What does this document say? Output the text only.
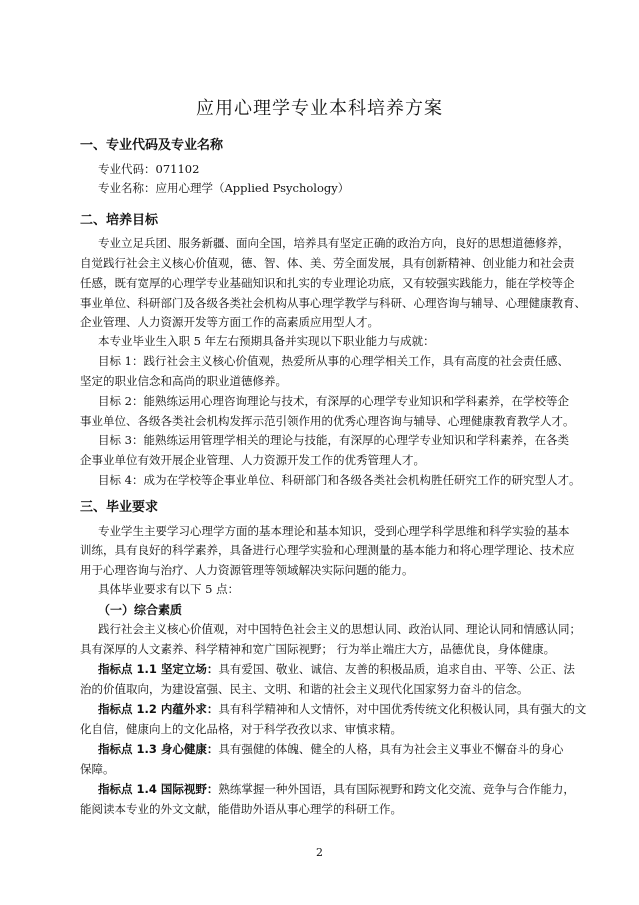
应用心理学专业本科培养方案
一、专业代码及专业名称
专业代码：071102
专业名称：应用心理学（Applied Psychology）
二、培养目标
专业立足兵团、服务新疆、面向全国，培养具有坚定正确的政治方向，良好的思想道德修养，
自觉践行社会主义核心价值观，德、智、体、美、劳全面发展，具有创新精神、创业能力和社会责
任感，既有宽厚的心理学专业基础知识和扎实的专业理论功底，又有较强实践能力，能在学校等企
事业单位、科研部门及各级各类社会机构从事心理学教学与科研、心理咨询与辅导、心理健康教育、
企业管理、人力资源开发等方面工作的高素质应用型人才。
本专业毕业生入职 5 年左右预期具备并实现以下职业能力与成就：
目标 1：践行社会主义核心价值观，热爱所从事的心理学相关工作，具有高度的社会责任感、
坚定的职业信念和高尚的职业道德修养。
目标 2：能熟练运用心理咨询理论与技术，有深厚的心理学专业知识和学科素养，在学校等企
事业单位、各级各类社会机构发挥示范引领作用的优秀心理咨询与辅导、心理健康教育教学人才。
目标 3：能熟练运用管理学相关的理论与技能，有深厚的心理学专业知识和学科素养，在各类
企事业单位有效开展企业管理、人力资源开发工作的优秀管理人才。
目标 4：成为在学校等企事业单位、科研部门和各级各类社会机构胜任研究工作的研究型人才。
三、毕业要求
专业学生主要学习心理学方面的基本理论和基本知识，受到心理学科学思维和科学实验的基本
训练，具有良好的科学素养，具备进行心理学实验和心理测量的基本能力和将心理学理论、技术应
用于心理咨询与治疗、人力资源管理等领域解决实际问题的能力。
具体毕业要求有以下 5 点：
（一）综合素质
践行社会主义核心价值观，对中国特色社会主义的思想认同、政治认同、理论认同和情感认同；
具有深厚的人文素养、科学精神和宽广国际视野； 行为举止端庄大方，品德优良，身体健康。
指标点 1.1 坚定立场：具有爱国、敬业、诚信、友善的积极品质，追求自由、平等、公正、法
治的价值取向，为建设富强、民主、文明、和谐的社会主义现代化国家努力奋斗的信念。
指标点 1.2 内蕴外求：具有科学精神和人文情怀，对中国优秀传统文化积极认同，具有强大的文
化自信，健康向上的文化品格，对于科学孜孜以求、审慎求精。
指标点 1.3 身心健康：具有强健的体魄、健全的人格，具有为社会主义事业不懈奋斗的身心
保障。
指标点 1.4 国际视野：熟练掌握一种外国语，具有国际视野和跨文化交流、竞争与合作能力，
能阅读本专业的外文文献，能借助外语从事心理学的科研工作。
2
